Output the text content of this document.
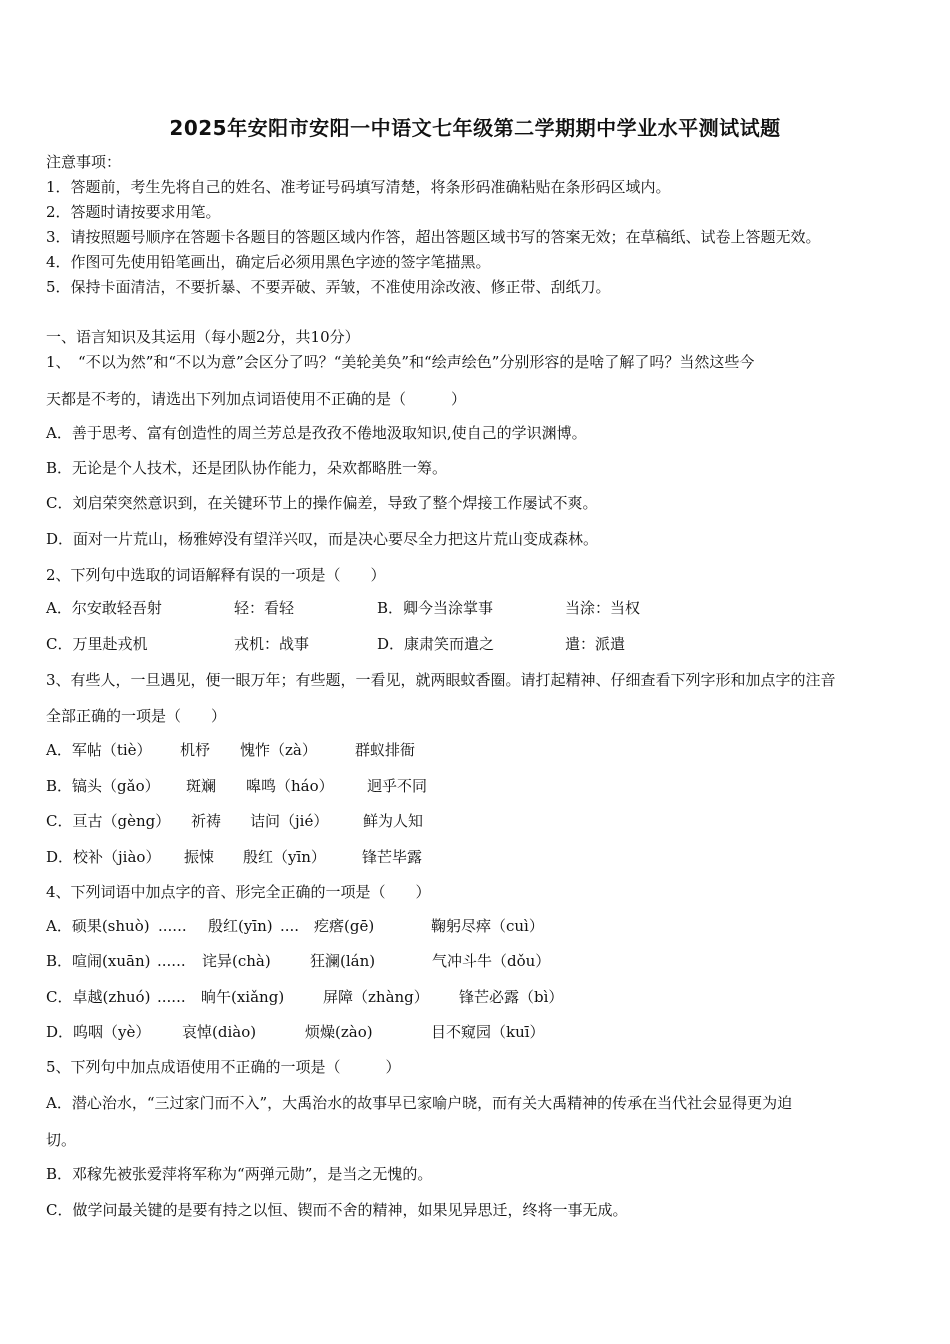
2025年安阳市安阳一中语文七年级第二学期期中学业水平测试试题
注意事项：
1．答题前，考生先将自己的姓名、准考证号码填写清楚，将条形码准确粘贴在条形码区域内。
2．答题时请按要求用笔。
3．请按照题号顺序在答题卡各题目的答题区域内作答，超出答题区域书写的答案无效；在草稿纸、试卷上答题无效。
4．作图可先使用铅笔画出，确定后必须用黑色字迹的签字笔描黑。
5．保持卡面清洁，不要折暴、不要弄破、弄皱，不准使用涂改液、修正带、刮纸刀。
一、语言知识及其运用（每小题2分，共10分）
1、　“不以为然”和“不以为意”会区分了吗？“美轮美奂”和“绘声绘色”分别形容的是啥了解了吗？当然这些今
天都是不考的，请选出下列加点词语使用不正确的是（　　　）
A．善于思考、富有创造性的周兰芳总是孜孜不倦地汲取知识,使自己的学识渊博。
B．无论是个人技术，还是团队协作能力，朵欢都略胜一筹。
C．刘启荣突然意识到，在关键环节上的操作偏差，导致了整个焊接工作屡试不爽。
D．面对一片荒山，杨雅婷没有望洋兴叹，而是决心要尽全力把这片荒山变成森林。
2、下列句中选取的词语解释有误的一项是（　　）
A．尔安敢轻吾射	轻：看轻	B．卿今当涂掌事	当涂：当权
C．万里赴戎机	戎机：战事	D．康肃笑而遣之	遣：派遣
3、有些人，一旦遇见，便一眼万年；有些题，一看见，就两眼蚊香圈。请打起精神、仔细查看下列字形和加点字的注音
全部正确的一项是（　　）
A．军帖（tiè） 机杼 愧怍（zà）	群蚁排衙
B．镐头（gǎo） 斑斓 嗥鸣（háo） 迥乎不同
C．亘古（gèng） 祈祷 诘问（jié） 鲜为人知
D．校补（jiào） 振悚 殷红（yīn） 锋芒毕露
4、下列词语中加点字的音、形完全正确的一项是（　　）
A．硕果(shuò) ...... 殷红(yīn) .... 疙瘩(gē)	鞠躬尽瘁（cuì）
B．喧闹(xuān) ...... 诧异(chà)	狂澜(lán)	气冲斗牛（dǒu）
C．卓越(zhuó) ...... 晌午(xiǎng)	屏障（zhàng） 锋芒必露（bì）
D．呜咽（yè） 哀悼(diào)	烦燥(zào)	目不窥园（kuī）
5、下列句中加点成语使用不正确的一项是（　　　）
A．潜心治水，“三过家门而不入”，大禹治水的故事早已家喻户晓，而有关大禹精神的传承在当代社会显得更为迫
切。
B．邓稼先被张爱萍将军称为“两弹元勋”，是当之无愧的。
C．做学问最关键的是要有持之以恒、锲而不舍的精神，如果见异思迁，终将一事无成。
